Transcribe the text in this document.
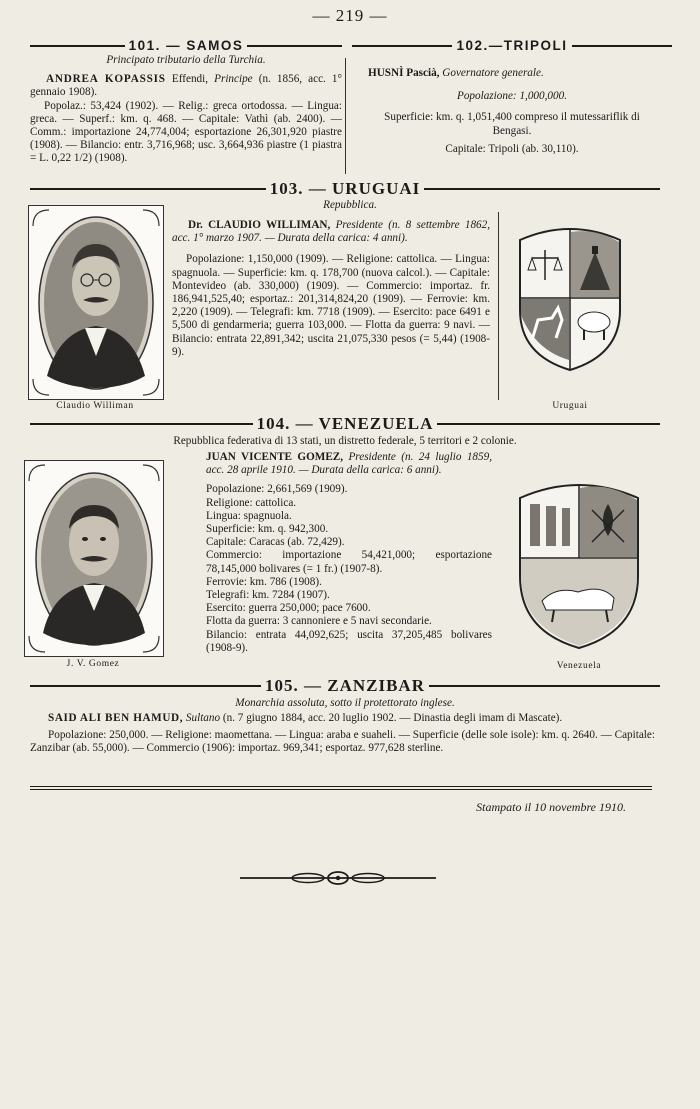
— 219 —
101. — SAMOS
Principato tributario della Turchia.

ANDREA KOPASSIS Effendi, Principe (n. 1856, acc. 1° gennaio 1908).

Popolaz.: 53,424 (1902). — Relig.: greca ortodossa. — Lingua: greca. — Superf.: km. q. 468. — Capitale: Vathì (ab. 2400). — Comm.: importazione 24,774,004; esportazione 26,301,920 piastre (1908). — Bilancio: entr. 3,716,968; usc. 3,664,936 piastre (1 piastra = L. 0,22 1/2) (1908).

102.—TRIPOLI

HUSNÌ Pascià, Governatore generale.

Popolazione: 1,000,000.

Superficie: km. q. 1,051,400 compreso il mutessariflik di Bengasi.

Capitale: Tripoli (ab. 30,110).

103. — URUGUAI
Repubblica.
Claudio Williman

Dr. CLAUDIO WILLIMAN, Presidente (n. 8 settembre 1862, acc. 1° marzo 1907. — Durata della carica: 4 anni).

Popolazione: 1,150,000 (1909). — Religione: cattolica. — Lingua: spagnuola. — Superficie: km. q. 178,700 (nuova calcol.). — Capitale: Montevideo (ab. 330,000) (1909). — Commercio: importaz. fr. 186,941,525,40; esportaz.: 201,314,824,20 (1909). — Ferrovie: km. 2,220 (1909). — Telegrafi: km. 7718 (1909). — Esercito: pace 6491 e 5,500 di gendarmeria; guerra 103,000. — Flotta da guerra: 9 navi. — Bilancio: entrata 22,891,342; uscita 21,075,330 pesos (= 5,44) (1908-9).

Uruguai
104. — VENEZUELA
Repubblica federativa di 13 stati, un distretto federale, 5 territori e 2 colonie.
J. V. Gomez

JUAN VICENTE GOMEZ, Presidente (n. 24 luglio 1859, acc. 28 aprile 1910. — Durata della carica: 6 anni).

Popolazione: 2,661,569 (1909).

Religione: cattolica.

Lingua: spagnuola.

Superficie: km. q. 942,300.

Capitale: Caracas (ab. 72,429).

Commercio: importazione 54,421,000; esportazione 78,145,000 bolivares (= 1 fr.) (1907-8).

Ferrovie: km. 786 (1908).

Telegrafi: km. 7284 (1907).

Esercito: guerra 250,000; pace 7600.

Flotta da guerra: 3 cannoniere e 5 navi secondarie.

Bilancio: entrata 44,092,625; uscita 37,205,485 bolivares (1908-9).

Venezuela
105. — ZANZIBAR
Monarchia assoluta, sotto il protettorato inglese.

SAID ALI BEN HAMUD, Sultano (n. 7 giugno 1884, acc. 20 luglio 1902. — Dinastia degli imam di Mascate).

Popolazione: 250,000. — Religione: maomettana. — Lingua: araba e suaheli. — Superficie (delle sole isole): km. q. 2640. — Capitale: Zanzibar (ab. 55,000). — Commercio (1906): importaz. 969,341; esportaz. 977,628 sterline.

Stampato il 10 novembre 1910.
